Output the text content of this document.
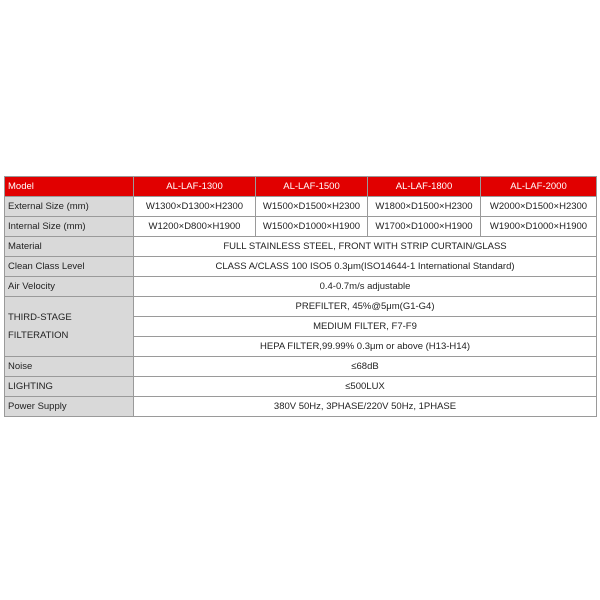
Model	AL-LAF-1300	AL-LAF-1500	AL-LAF-1800	AL-LAF-2000
External Size (mm)	W1300×D1300×H2300	W1500×D1500×H2300	W1800×D1500×H2300	W2000×D1500×H2300
Internal Size (mm)	W1200×D800×H1900	W1500×D1000×H1900	W1700×D1000×H1900	W1900×D1000×H1900
Material	FULL STAINLESS STEEL, FRONT WITH STRIP CURTAIN/GLASS			
Clean Class Level	CLASS A/CLASS 100 ISO5 0.3μm(ISO14644-1 International Standard)			
Air Velocity	0.4-0.7m/s adjustable			

THIRD-STAGE
FILTERATION	PREFILTER, 45%@5μm(G1-G4)			
	MEDIUM FILTER, F7-F9			
	HEPA FILTER,99.99% 0.3μm or above (H13-H14)			
Noise	≤68dB			
LIGHTING	≤500LUX			
Power Supply	380V 50Hz, 3PHASE/220V 50Hz, 1PHASE			
